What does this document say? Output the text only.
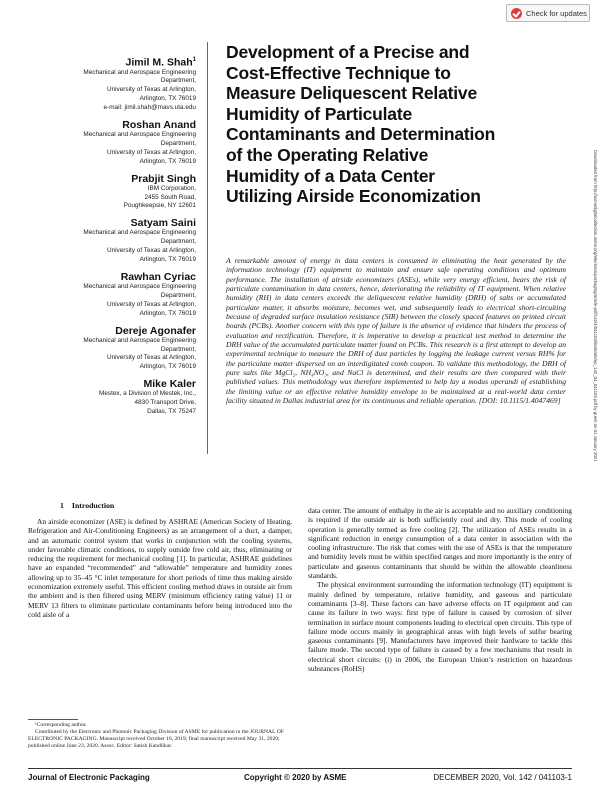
Check for updates
Downloaded from http://asmedigitalcollection.asme.org/electronicpackaging/article-pdf/142/4/041103/6548465/ep_142_04_041103.pdf by guest on 01 January 2021
Jimil M. Shah$^1$
Mechanical and Aerospace Engineering
Department,
University of Texas at Arlington,
Arlington, TX 76019
e-mail: jimil.shah@mavs.uta.edu
Roshan Anand
Mechanical and Aerospace Engineering
Department,
University of Texas at Arlington,
Arlington, TX 76019
Prabjit Singh
IBM Corporation,
2455 South Road,
Poughkeepsie, NY 12601
Satyam Saini
Mechanical and Aerospace Engineering
Department,
University of Texas at Arlington,
Arlington, TX 76019
Rawhan Cyriac
Mechanical and Aerospace Engineering
Department,
University of Texas at Arlington,
Arlington, TX 76019
Dereje Agonafer
Mechanical and Aerospace Engineering
Department,
University of Texas at Arlington,
Arlington, TX 76019
Mike Kaler
Mestex, a Division of Mestek, Inc.,
4830 Transport Drive,
Dallas, TX 75247
Development of a Precise and
Cost-Effective Technique to
Measure Deliquescent Relative
Humidity of Particulate
Contaminants and Determination
of the Operating Relative
Humidity of a Data Center
Utilizing Airside Economization
A remarkable amount of energy in data centers is consumed in eliminating the heat generated by the information technology (IT) equipment to maintain and ensure safe operating conditions and optimum performance. The installation of airside economizers (ASEs), while very energy efficient, bears the risk of particulate contamination in data centers, hence, deteriorating the reliability of IT equipment. When relative humidity (RH) in data centers exceeds the deliquescent relative humidity (DRH) of salts or accumulated particulate matter, it absorbs moisture, becomes wet, and subsequently leads to electrical short-circuiting because of degraded surface insulation resistance (SIR) between the closely spaced features on printed circuit boards (PCBs). Another concern with this type of failure is the absence of evidence that hinders the process of evaluation and rectification. Therefore, it is imperative to develop a practical test method to determine the DRH value of the accumulated particulate matter found on PCBs. This research is a first attempt to develop an experimental technique to measure the DRH of dust particles by logging the leakage current versus RH% for the particulate matter dispersed on an interdigitated comb coupon. To validate this methodology, the DRH of pure salts like MgCl₂, NH₄NO₃, and NaCl is determined, and their results are then compared with their published values. This methodology was therefore implemented to help lay a modus operandi of establishing the limiting value or an effective relative humidity envelope to be maintained at a real-world data center facility situated in Dallas industrial area for its continuous and reliable operation. [DOI: 10.1115/1.4047469]
1 Introduction

An airside economizer (ASE) is defined by ASHRAE (American Society of Heating, Refrigeration and Air-Conditioning Engineers) as an arrangement of a duct, a damper, and an automatic control system that works in conjunction with the cooling systems, under favorable climatic conditions, to supply outside free cold air, thus, eliminating or reducing the requirement for mechanical cooling [1]. In particular, ASHRAE guidelines have an expanded “recommended” and “allowable” temperature and humidity zones allowing up to 35–45 °C inlet temperature for short periods of time thus making airside economization extremely useful. This efficient cooling method draws in outside air from the ambient and is then filtered using MERV (minimum efficiency rating value) 11 or MERV 13 filters to eliminate particulate contaminants before being introduced into the cold aisle of a

data center. The amount of enthalpy in the air is acceptable and no auxiliary conditioning is required if the outside air is both sufficiently cool and dry. This mode of cooling operation is generally termed as free cooling [2]. The utilization of ASEs results in a significant reduction in energy consumption of a data center in association with the cooling infrastructure. The risk that comes with the use of ASEs is that the temperature and humidity levels must be within specified ranges and more importantly is the entry of particulate and gaseous contaminants that should be within the allowable cleanliness standards.

The physical environment surrounding the information technology (IT) equipment is mainly defined by temperature, relative humidity, and gaseous and particulate contaminants [3–8]. These factors can have adverse effects on IT equipment and can cause its failure in two ways: first type of failure is caused by corrosion of silver termination in surface mount components leading to electrical open circuits. This type of failure mode occurs mainly in geographical areas with high levels of sulfur bearing gaseous contaminants [9]. Manufacturers have improved their hardware to tackle this failure mode. The second type of failure is caused by a few mechanisms that result in electrical short circuits: (i) in 2006, the European Union’s restriction on hazardous substances (RoHS)

¹Corresponding author.

Contributed by the Electronic and Photonic Packaging Division of ASME for publication in the JOURNAL OF ELECTRONIC PACKAGING. Manuscript received October 16, 2019; final manuscript received May 31, 2020; published online June 23, 2020. Assoc. Editor: Satish Kandlikar.

Journal of Electronic Packaging	Copyright © 2020 by ASME	DECEMBER 2020, Vol. 142 / 041103-1
